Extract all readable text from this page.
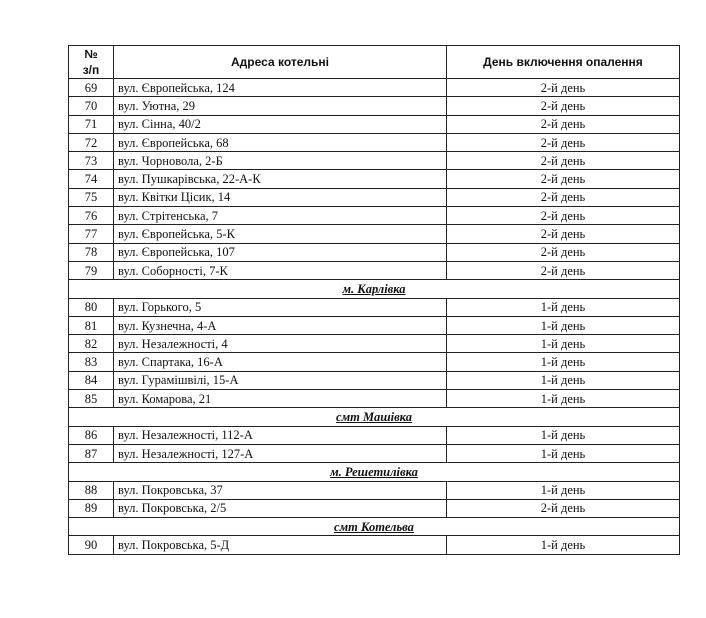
№
з/п	Адреса котельні	День включення опалення
69	вул. Європейська, 124	2-й день
70	вул. Уютна, 29	2-й день
71	вул. Сінна, 40/2	2-й день
72	вул. Європейська, 68	2-й день
73	вул. Чорновола, 2-Б	2-й день
74	вул. Пушкарівська, 22-А-К	2-й день
75	вул. Квітки Цісик, 14	2-й день
76	вул. Стрітенська, 7	2-й день
77	вул. Європейська, 5-К	2-й день
78	вул. Європейська, 107	2-й день
79	вул. Соборності, 7-К	2-й день
м. Карлівка		
80	вул. Горького, 5	1-й день
81	вул. Кузнечна, 4-А	1-й день
82	вул. Незалежності, 4	1-й день
83	вул. Спартака, 16-А	1-й день
84	вул. Гурамішвілі, 15-А	1-й день
85	вул. Комарова, 21	1-й день
смт Машівка		
86	вул. Незалежності, 112-А	1-й день
87	вул. Незалежності, 127-А	1-й день
м. Решетилівка		
88	вул. Покровська, 37	1-й день
89	вул. Покровська, 2/5	2-й день
смт Котельва		
90	вул. Покровська, 5-Д	1-й день
